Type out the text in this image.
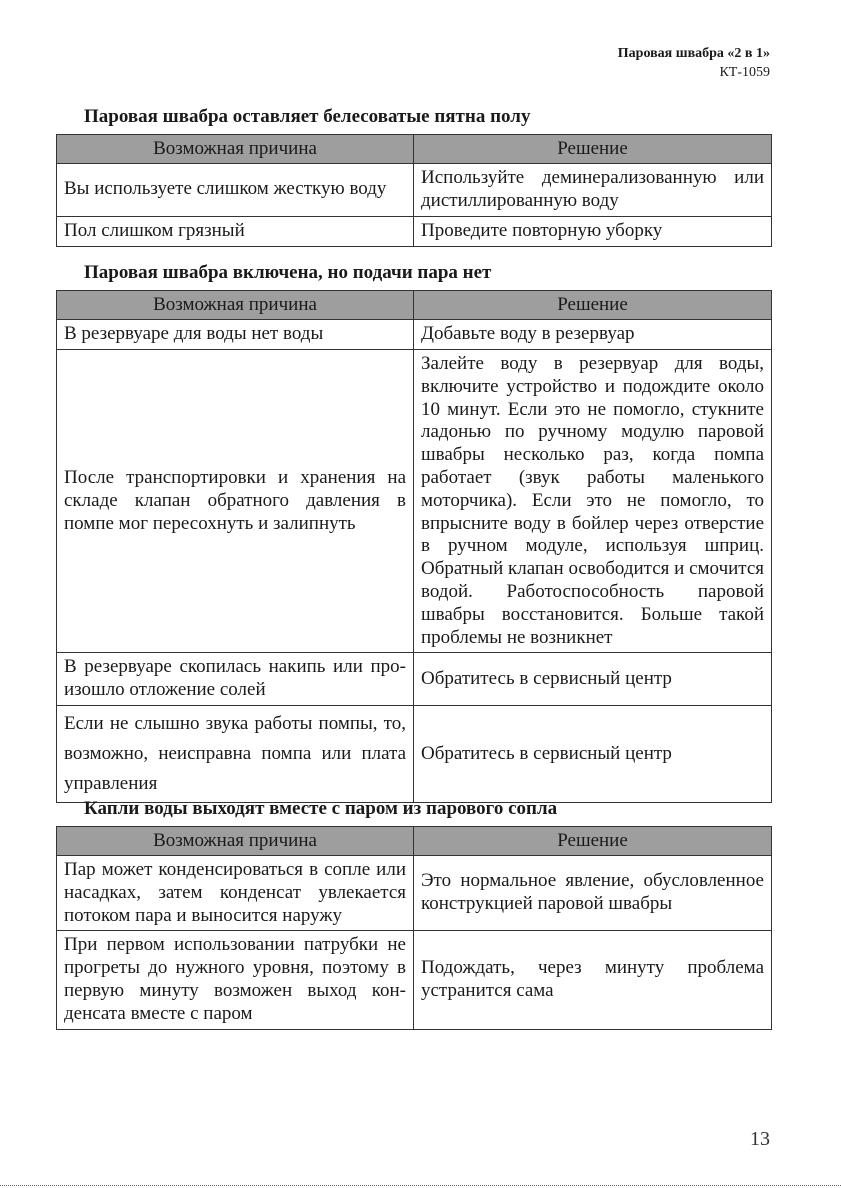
Паровая швабра «2 в 1»
КТ-1059
Паровая швабра оставляет белесоватые пятна полу
Возможная причина	Решение
Вы используете слишком жесткую воду	Используйте деминерализованную или дистиллированную воду
Пол слишком грязный	Проведите повторную уборку
Паровая швабра включена, но подачи пара нет
Возможная причина	Решение
В резервуаре для воды нет воды	Добавьте воду в резервуар
После транспортировки и хранения на складе клапан обратного давления в помпе мог пересохнуть и залипнуть	Залейте воду в резервуар для воды, включите устройство и подождите около 10 минут. Если это не помогло, стукните ладонью по ручному модулю паровой швабры несколько раз, когда помпа работает (звук работы маленького моторчика). Если это не помогло, то впрысните воду в бойлер через отверстие в ручном модуле, используя шприц. Обратный клапан освободится и смочится водой. Работоспособность паровой швабры восстановится. Больше такой проблемы не возникнет
В резервуаре скопилась накипь или произошло отложение солей	Обратитесь в сервисный центр
Если не слышно звука работы помпы, то, возможно, неисправна помпа или плата управления	Обратитесь в сервисный центр
Капли воды выходят вместе с паром из парового сопла
Возможная причина	Решение
Пар может конденсироваться в сопле или насадках, затем конденсат увлекается потоком пара и выносится наружу	Это нормальное явление, обусловленное конструкцией паровой швабры
При первом использовании патрубки не прогреты до нужного уровня, поэтому в первую минуту возможен выход конденсата вместе с паром	Подождать, через минуту проблема устранится сама
13
